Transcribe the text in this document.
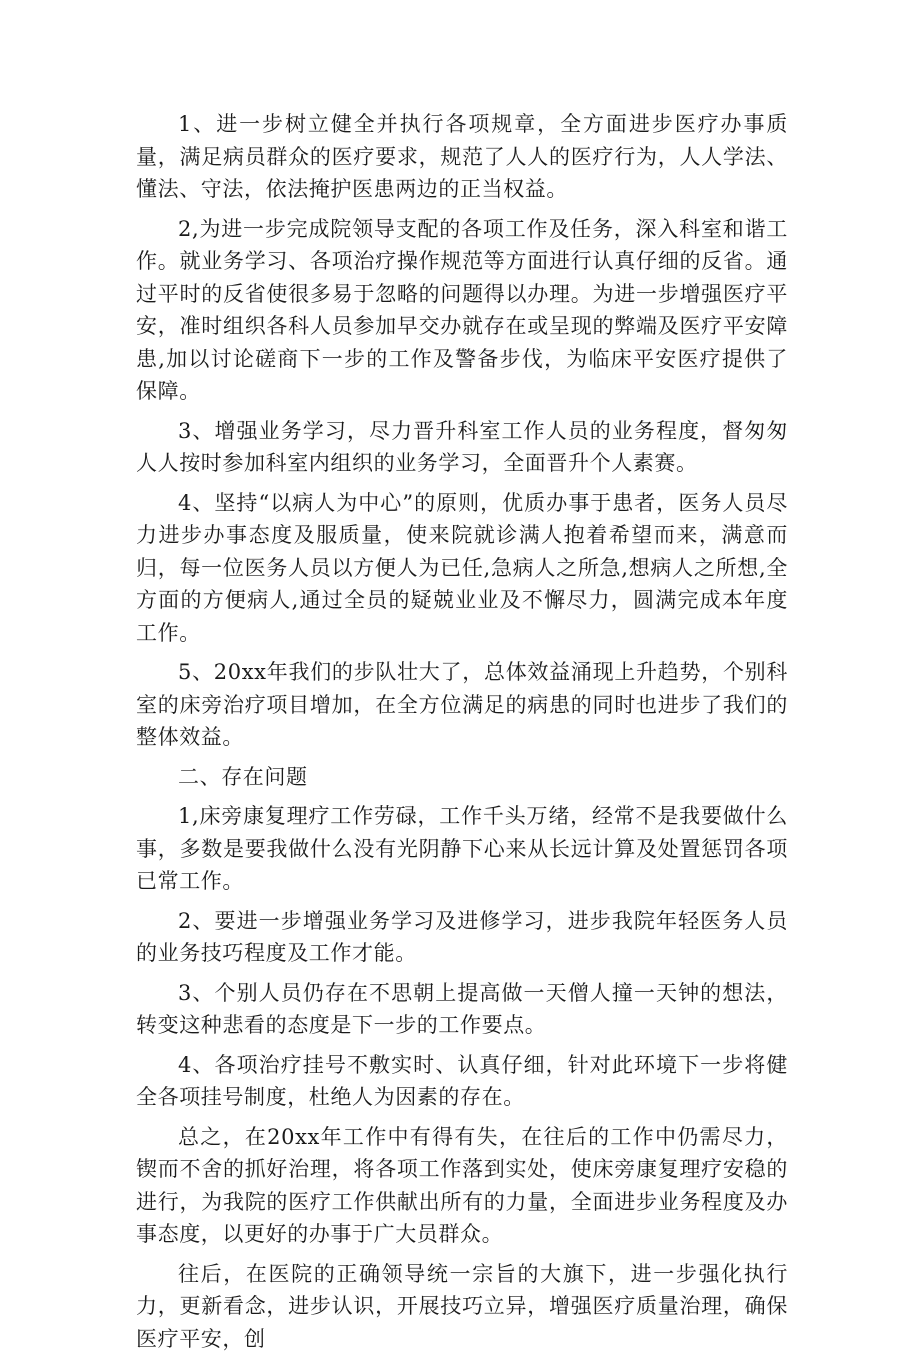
1、进一步树立健全并执行各项规章，全方面进步医疗办事质量，满足病员群众的医疗要求，规范了人人的医疗行为，人人学法、懂法、守法，依法掩护医患两边的正当权益。

2,为进一步完成院领导支配的各项工作及任务，深入科室和谐工作。就业务学习、各项治疗操作规范等方面进行认真仔细的反省。通过平时的反省使很多易于忽略的问题得以办理。为进一步增强医疗平安，准时组织各科人员参加早交办就存在或呈现的弊端及医疗平安障患,加以讨论磋商下一步的工作及警备步伐，为临床平安医疗提供了保障。

3、增强业务学习，尽力晋升科室工作人员的业务程度，督匆匆人人按时参加科室内组织的业务学习，全面晋升个人素赛。

4、坚持“以病人为中心”的原则，优质办事于患者，医务人员尽力进步办事态度及服质量，使来院就诊满人抱着希望而来，满意而归，每一位医务人员以方便人为已任,急病人之所急,想病人之所想,全方面的方便病人,通过全员的疑兢业业及不懈尽力，圆满完成本年度工作。

5、20xx年我们的步队壮大了，总体效益涌现上升趋势，个别科室的床旁治疗项目增加，在全方位满足的病患的同时也进步了我们的整体效益。

二、存在问题

1,床旁康复理疗工作劳碌，工作千头万绪，经常不是我要做什么事，多数是要我做什么没有光阴静下心来从长远计算及处置惩罚各项已常工作。

2、要进一步增强业务学习及进修学习，进步我院年轻医务人员的业务技巧程度及工作才能。

3、个别人员仍存在不思朝上提高做一天僧人撞一天钟的想法，转变这种悲看的态度是下一步的工作要点。

4、各项治疗挂号不敷实时、认真仔细，针对此环境下一步将健全各项挂号制度，杜绝人为因素的存在。

总之，在20xx年工作中有得有失，在往后的工作中仍需尽力，锲而不舍的抓好治理，将各项工作落到实处，使床旁康复理疗安稳的进行，为我院的医疗工作供献出所有的力量，全面进步业务程度及办事态度，以更好的办事于广大员群众。

往后，在医院的正确领导统一宗旨的大旗下，进一步强化执行力，更新看念，进步认识，开展技巧立异，增强医疗质量治理，确保医疗平安，创
